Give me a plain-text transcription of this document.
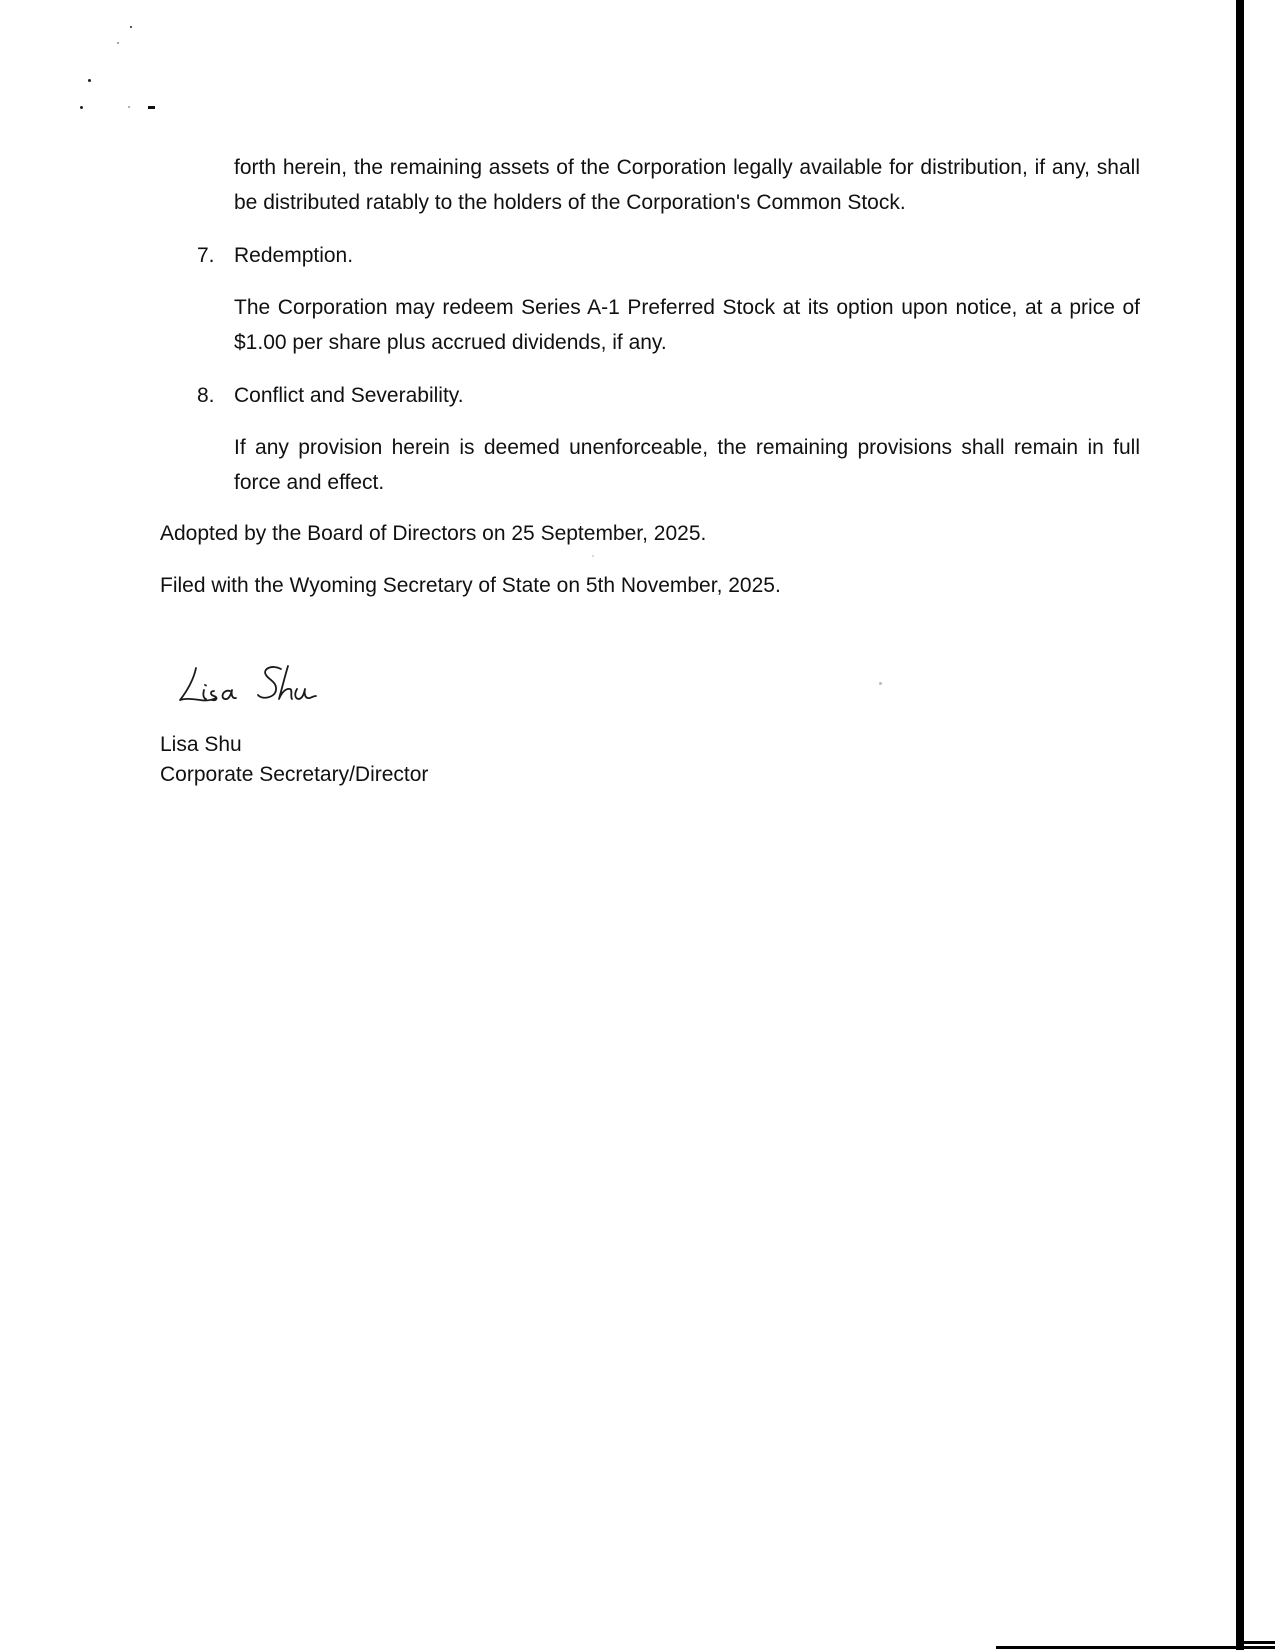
forth herein, the remaining assets of the Corporation legally available for distribution, if any, shall be distributed ratably to the holders of the Corporation's Common Stock.
7. Redemption.
The Corporation may redeem Series A-1 Preferred Stock at its option upon notice, at a price of $1.00 per share plus accrued dividends, if any.
8. Conflict and Severability.
If any provision herein is deemed unenforceable, the remaining provisions shall remain in full force and effect.
Adopted by the Board of Directors on 25 September, 2025.
Filed with the Wyoming Secretary of State on 5th November, 2025.
Lisa Shu
Corporate Secretary/Director
